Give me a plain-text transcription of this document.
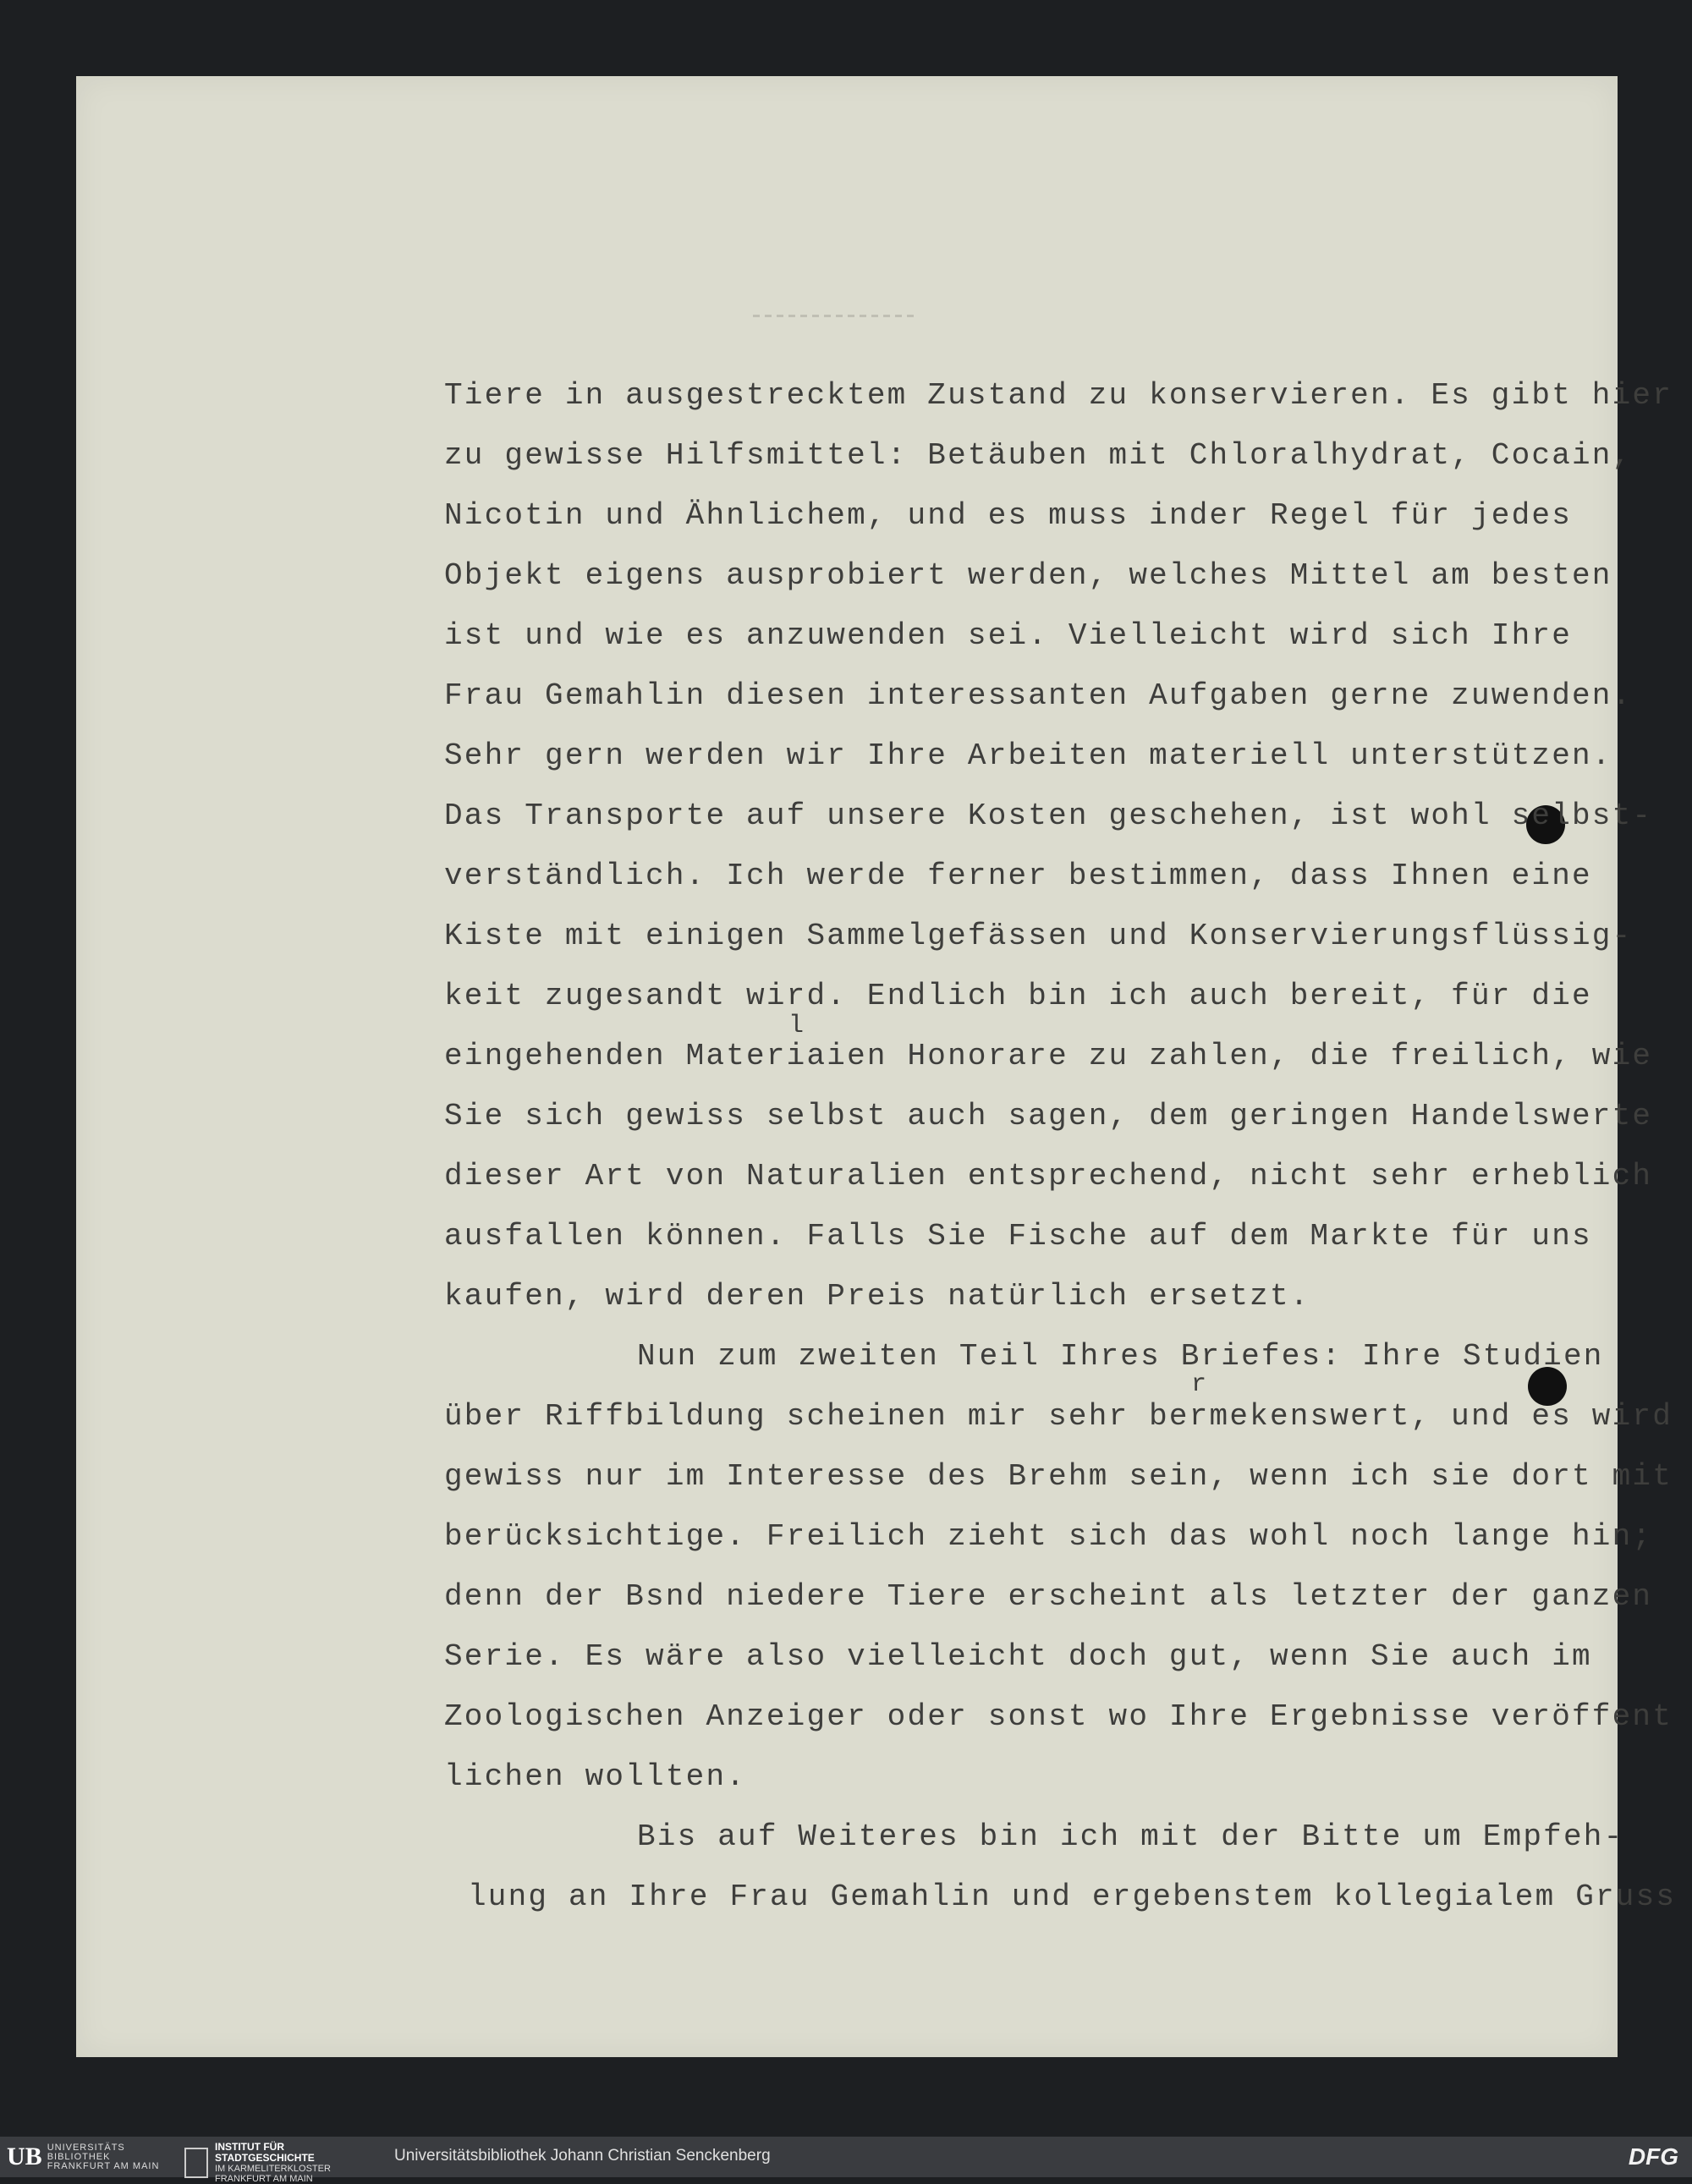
Tiere in ausgestrecktem Zustand zu konservieren. Es gibt hier
zu gewisse Hilfsmittel: Betäuben mit Chloralhydrat, Cocain,
Nicotin und Ähnlichem, und es muss inder Regel für jedes
Objekt eigens ausprobiert werden, welches Mittel am besten
ist und wie es anzuwenden sei. Vielleicht wird sich Ihre
Frau Gemahlin diesen interessanten Aufgaben gerne zuwenden.
Sehr gern werden wir Ihre Arbeiten materiell unterstützen.
Das Transporte auf unsere Kosten geschehen, ist wohl selbst-
verständlich. Ich werde ferner bestimmen, dass Ihnen eine
Kiste mit einigen Sammelgefässen und Konservierungsflüssig-
keit zugesandt wird. Endlich bin ich auch bereit, für die
eingehenden Materiaien Honorare zu zahlen, die freilich, wie
Sie sich gewiss selbst auch sagen, dem geringen Handelswerte
dieser Art von Naturalien entsprechend, nicht sehr erheblich
ausfallen können. Falls Sie Fische auf dem Markte für uns
kaufen, wird deren Preis natürlich ersetzt.
Nun zum zweiten Teil Ihres Briefes: Ihre Studien
über Riffbildung scheinen mir sehr bermekenswert, und es wird
gewiss nur im Interesse des Brehm sein, wenn ich sie dort mit
berücksichtige. Freilich zieht sich das wohl noch lange hin;
denn der Bsnd niedere Tiere erscheint als letzter der ganzen
Serie. Es wäre also vielleicht doch gut, wenn Sie auch im
Zoologischen Anzeiger oder sonst wo Ihre Ergebnisse veröffent
lichen wollten.
Bis auf Weiteres bin ich mit der Bitte um Empfeh-
lung an Ihre Frau Gemahlin und ergebenstem kollegialem Gruss
l
r
UB UNIVERSITÄTS
BIBLIOTHEK
FRANKFURT AM MAIN
INSTITUT FÜR
STADTGESCHICHTE
IM KARMELITERKLOSTER
FRANKFURT AM MAIN
Universitätsbibliothek Johann Christian Senckenberg	DFG
